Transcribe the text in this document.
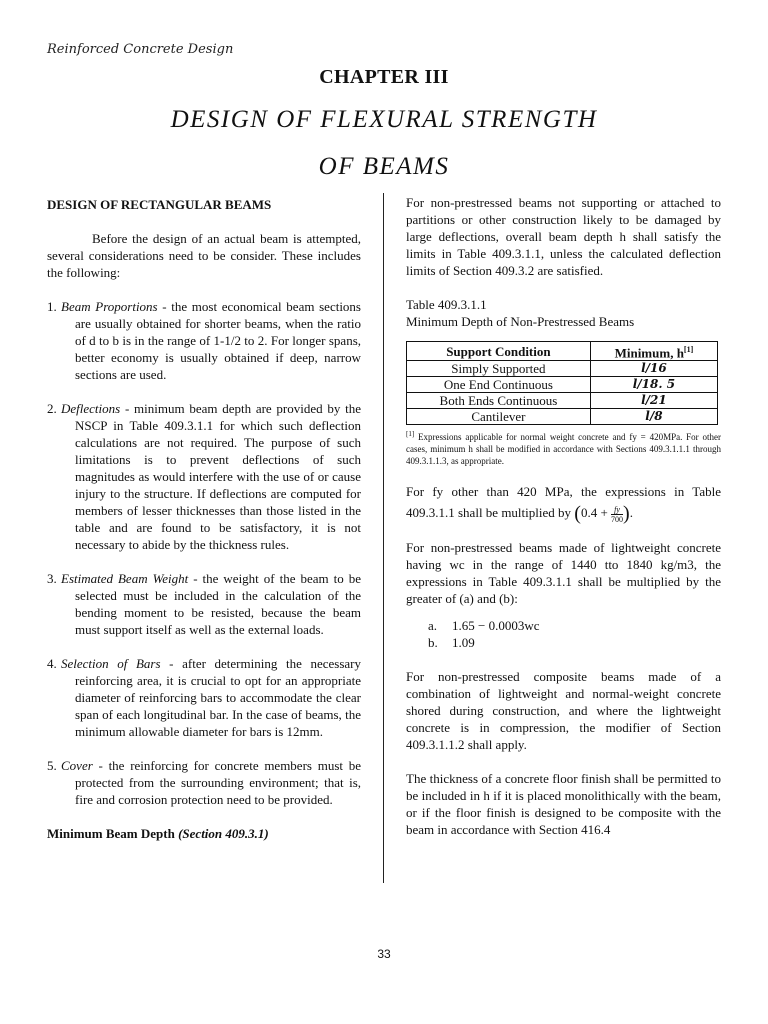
Reinforced Concrete Design
CHAPTER III
DESIGN OF FLEXURAL STRENGTH
OF BEAMS

DESIGN OF RECTANGULAR BEAMS

Before the design of an actual beam is attempted, several considerations need to be consider. These includes the following:

1. Beam Proportions - the most economical beam sections are usually obtained for shorter beams, when the ratio of d to b is in the range of 1-1/2 to 2. For longer spans, better economy is usually obtained if deep, narrow sections are used.
2. Deflections - minimum beam depth are provided by the NSCP in Table 409.3.1.1 for which such deflection calculations are not required. The purpose of such limitations is to prevent deflections of such magnitudes as would interfere with the use of or cause injury to the structure. If deflections are computed for members of lesser thicknesses than those listed in the table and are found to be satisfactory, it is not necessary to abide by the thickness rules.
3. Estimated Beam Weight - the weight of the beam to be selected must be included in the calculation of the bending moment to be resisted, because the beam must support itself as well as the external loads.
4. Selection of Bars - after determining the necessary reinforcing area, it is crucial to opt for an appropriate diameter of reinforcing bars to accommodate the clear span of each longitudinal bar. In the case of beams, the minimum allowable diameter for bars is 12mm.
5. Cover - the reinforcing for concrete members must be protected from the surrounding environment; that is, fire and corrosion protection need to be provided.

Minimum Beam Depth (Section 409.3.1)

For non-prestressed beams not supporting or attached to partitions or other construction likely to be damaged by large deflections, overall beam depth h shall satisfy the limits in Table 409.3.1.1, unless the calculated deflection limits of Section 409.3.2 are satisfied.

Table 409.3.1.1

Minimum Depth of Non-Prestressed Beams

Support Condition	Minimum, h[1]
Simply Supported	l/16
One End Continuous	l/18. 5
Both Ends Continuous	l/21
Cantilever	l/8

[1] Expressions applicable for normal weight concrete and fy = 420MPa. For other cases, minimum h shall be modified in accordance with Sections 409.3.1.1.1 through 409.3.1.1.3, as appropriate.

For fy other than 420 MPa, the expressions in Table 409.3.1.1 shall be multiplied by ($0.4 + \frac{fy}{700}$ ).

For non-prestressed beams made of lightweight concrete having wc in the range of 1440 tto 1840 kg/m3, the expressions in Table 409.3.1.1 shall be multiplied by the greater of (a) and (b):

a. 1.65 − 0.0003wc
b. 1.09

For non-prestressed composite beams made of a combination of lightweight and normal-weight concrete shored during construction, and where the lightweight concrete is in compression, the modifier of Section 409.3.1.1.2 shall apply.

The thickness of a concrete floor finish shall be permitted to be included in h if it is placed monolithically with the beam, or if the floor finish is designed to be composite with the beam in accordance with Section 416.4

33
